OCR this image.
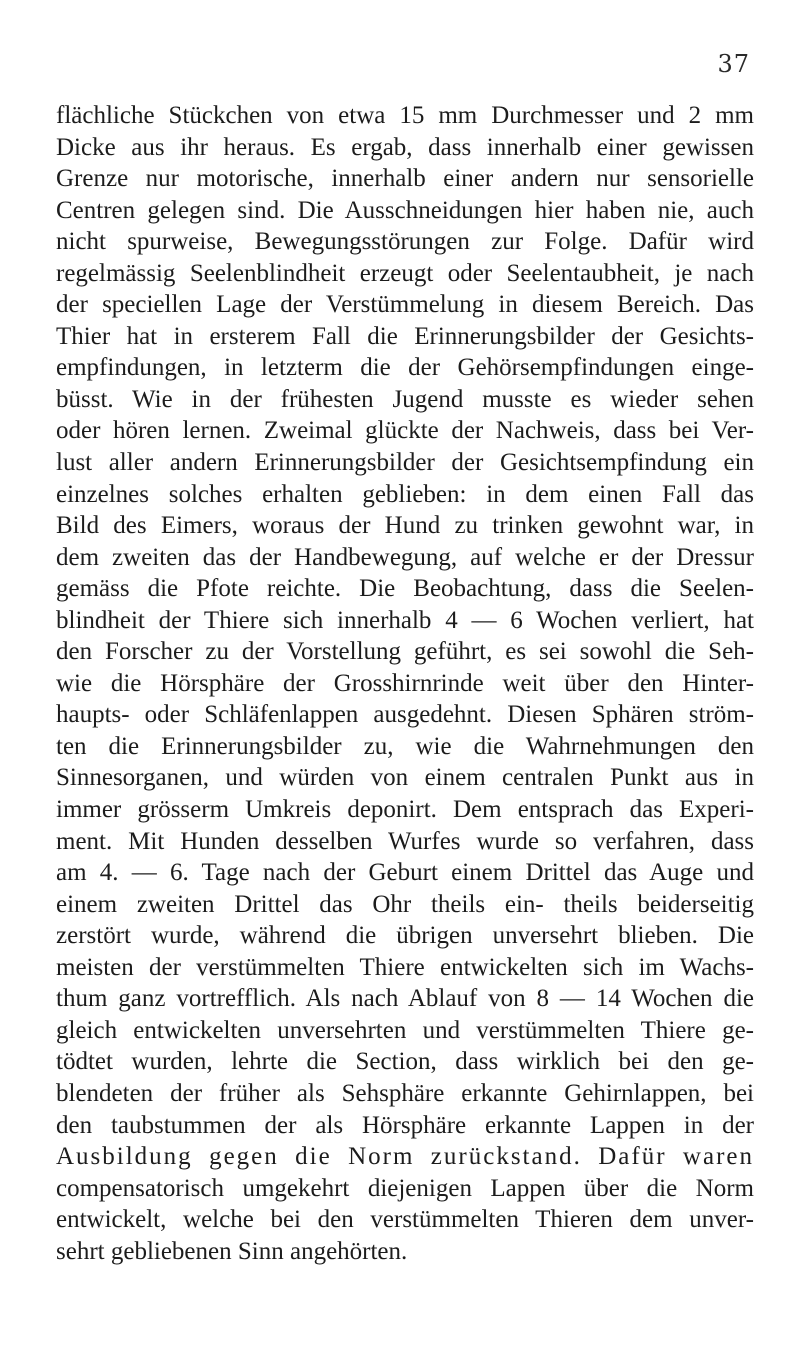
37
flächliche Stückchen von etwa 15 mm Durchmesser und 2 mm
Dicke aus ihr heraus. Es ergab, dass innerhalb einer gewissen
Grenze nur motorische, innerhalb einer andern nur sensorielle
Centren gelegen sind. Die Ausschneidungen hier haben nie, auch
nicht spurweise, Bewegungsstörungen zur Folge. Dafür wird
regelmässig Seelenblindheit erzeugt oder Seelentaubheit, je nach
der speciellen Lage der Verstümmelung in diesem Bereich. Das
Thier hat in ersterem Fall die Erinnerungsbilder der Gesichts-
empfindungen, in letzterm die der Gehörsempfindungen einge-
büsst. Wie in der frühesten Jugend musste es wieder sehen
oder hören lernen. Zweimal glückte der Nachweis, dass bei Ver-
lust aller andern Erinnerungsbilder der Gesichtsempfindung ein
einzelnes solches erhalten geblieben: in dem einen Fall das
Bild des Eimers, woraus der Hund zu trinken gewohnt war, in
dem zweiten das der Handbewegung, auf welche er der Dressur
gemäss die Pfote reichte. Die Beobachtung, dass die Seelen-
blindheit der Thiere sich innerhalb 4 — 6 Wochen verliert, hat
den Forscher zu der Vorstellung geführt, es sei sowohl die Seh-
wie die Hörsphäre der Grosshirnrinde weit über den Hinter-
haupts- oder Schläfenlappen ausgedehnt. Diesen Sphären ström-
ten die Erinnerungsbilder zu, wie die Wahrnehmungen den
Sinnesorganen, und würden von einem centralen Punkt aus in
immer grösserm Umkreis deponirt. Dem entsprach das Experi-
ment. Mit Hunden desselben Wurfes wurde so verfahren, dass
am 4. — 6. Tage nach der Geburt einem Drittel das Auge und
einem zweiten Drittel das Ohr theils ein- theils beiderseitig
zerstört wurde, während die übrigen unversehrt blieben. Die
meisten der verstümmelten Thiere entwickelten sich im Wachs-
thum ganz vortrefflich. Als nach Ablauf von 8 — 14 Wochen die
gleich entwickelten unversehrten und verstümmelten Thiere ge-
tödtet wurden, lehrte die Section, dass wirklich bei den ge-
blendeten der früher als Sehsphäre erkannte Gehirnlappen, bei
den taubstummen der als Hörsphäre erkannte Lappen in der
Ausbildung gegen die Norm zurückstand. Dafür waren
compensatorisch umgekehrt diejenigen Lappen über die Norm
entwickelt, welche bei den verstümmelten Thieren dem unver-
sehrt gebliebenen Sinn angehörten.
